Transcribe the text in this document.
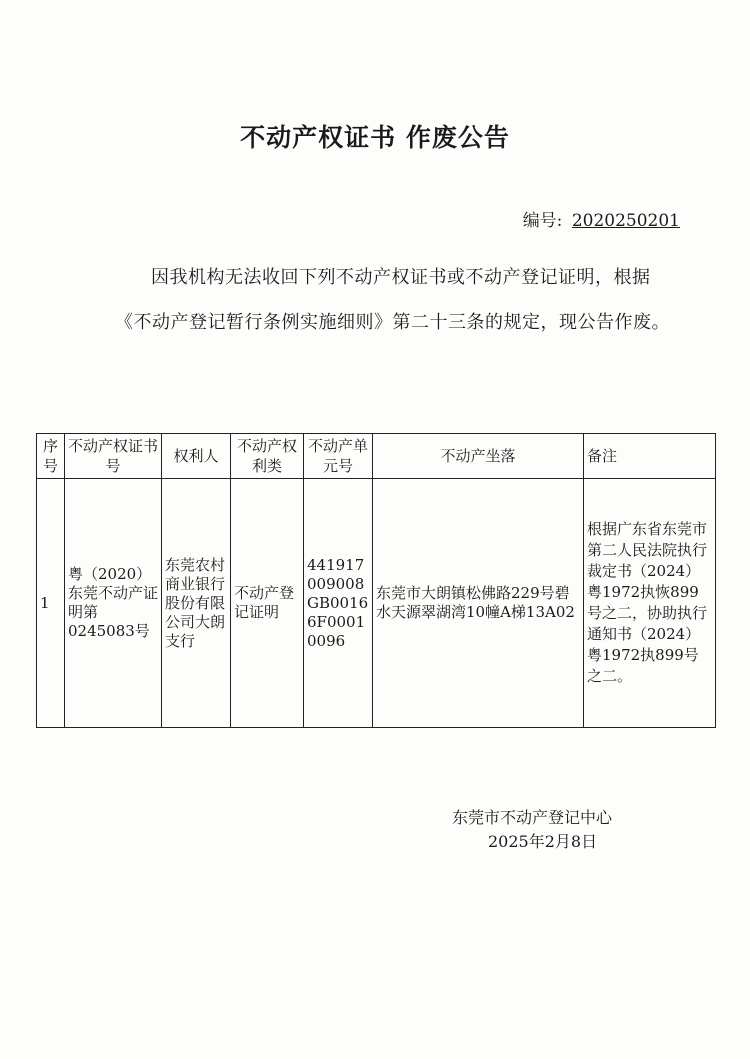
不动产权证书 作废公告
编号: 2020250201
因我机构无法收回下列不动产权证书或不动产登记证明，根据《不动产登记暂行条例实施细则》第二十三条的规定，现公告作废。
序号	不动产权证书号	权利人	不动产权利类	不动产单元号	不动产坐落	备注
1	粤（2020）东莞不动产证明第0245083号	东莞农村商业银行股份有限公司大朗支行	不动产登记证明	441917009008GB00166F00010096	东莞市大朗镇松佛路229号碧水天源翠湖湾10幢A梯13A02	根据广东省东莞市第二人民法院执行裁定书（2024）粤1972执恢899号之二，协助执行通知书（2024）粤1972执899号之二。
东莞市不动产登记中心
2025年2月8日
